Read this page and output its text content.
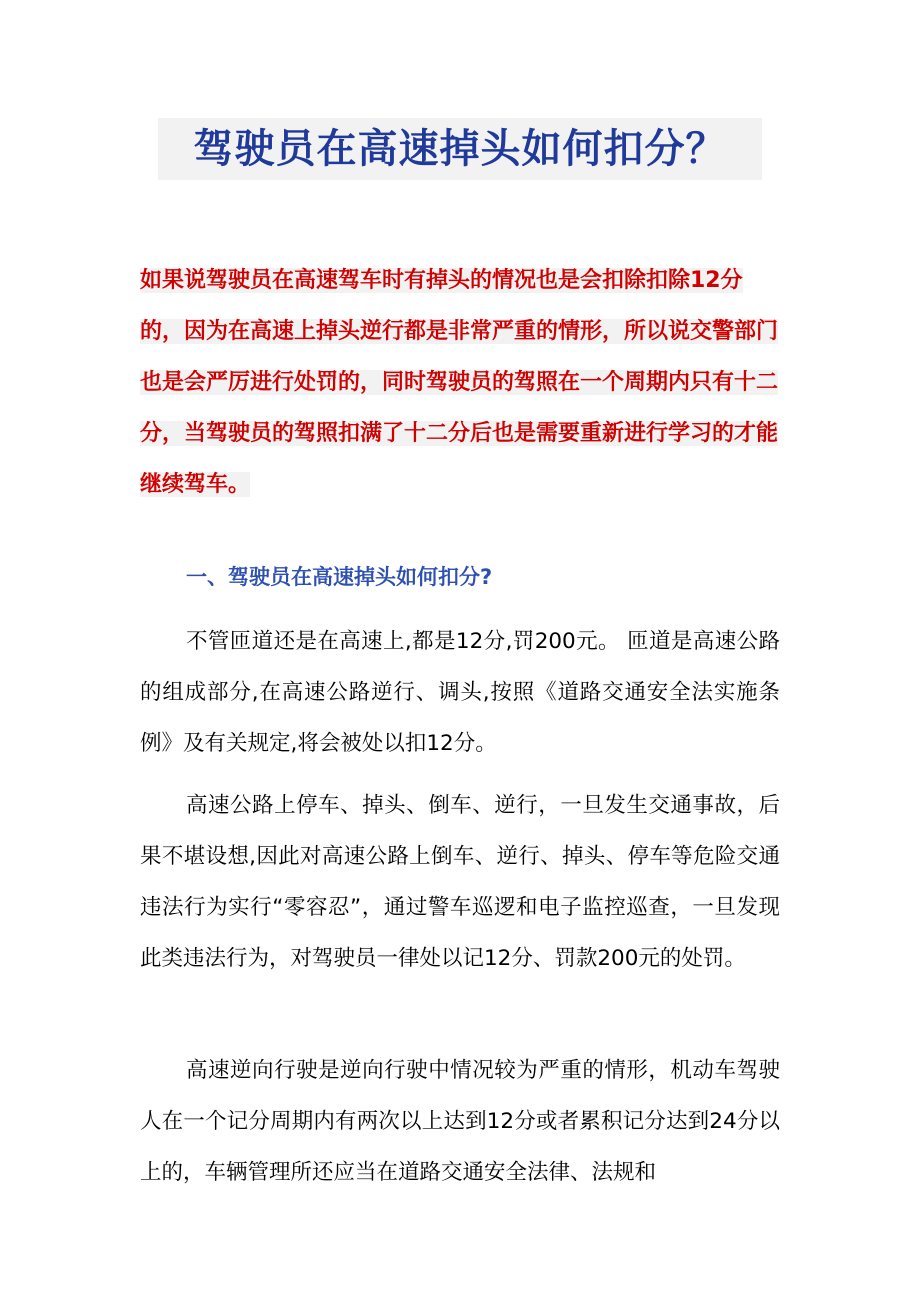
驾驶员在高速掉头如何扣分？

如果说驾驶员在高速驾车时有掉头的情况也是会扣除扣除12分的，因为在高速上掉头逆行都是非常严重的情形，所以说交警部门也是会严厉进行处罚的，同时驾驶员的驾照在一个周期内只有十二分，当驾驶员的驾照扣满了十二分后也是需要重新进行学习的才能继续驾车。

一、驾驶员在高速掉头如何扣分?

不管匝道还是在高速上,都是12分,罚200元。 匝道是高速公路的组成部分,在高速公路逆行、调头,按照《道路交通安全法实施条例》及有关规定,将会被处以扣12分。

高速公路上停车、掉头、倒车、逆行，一旦发生交通事故，后果不堪设想,因此对高速公路上倒车、逆行、掉头、停车等危险交通违法行为实行“零容忍”，通过警车巡逻和电子监控巡查，一旦发现此类违法行为，对驾驶员一律处以记12分、罚款200元的处罚。

高速逆向行驶是逆向行驶中情况较为严重的情形，机动车驾驶人在一个记分周期内有两次以上达到12分或者累积记分达到24分以上的，车辆管理所还应当在道路交通安全法律、法规和
